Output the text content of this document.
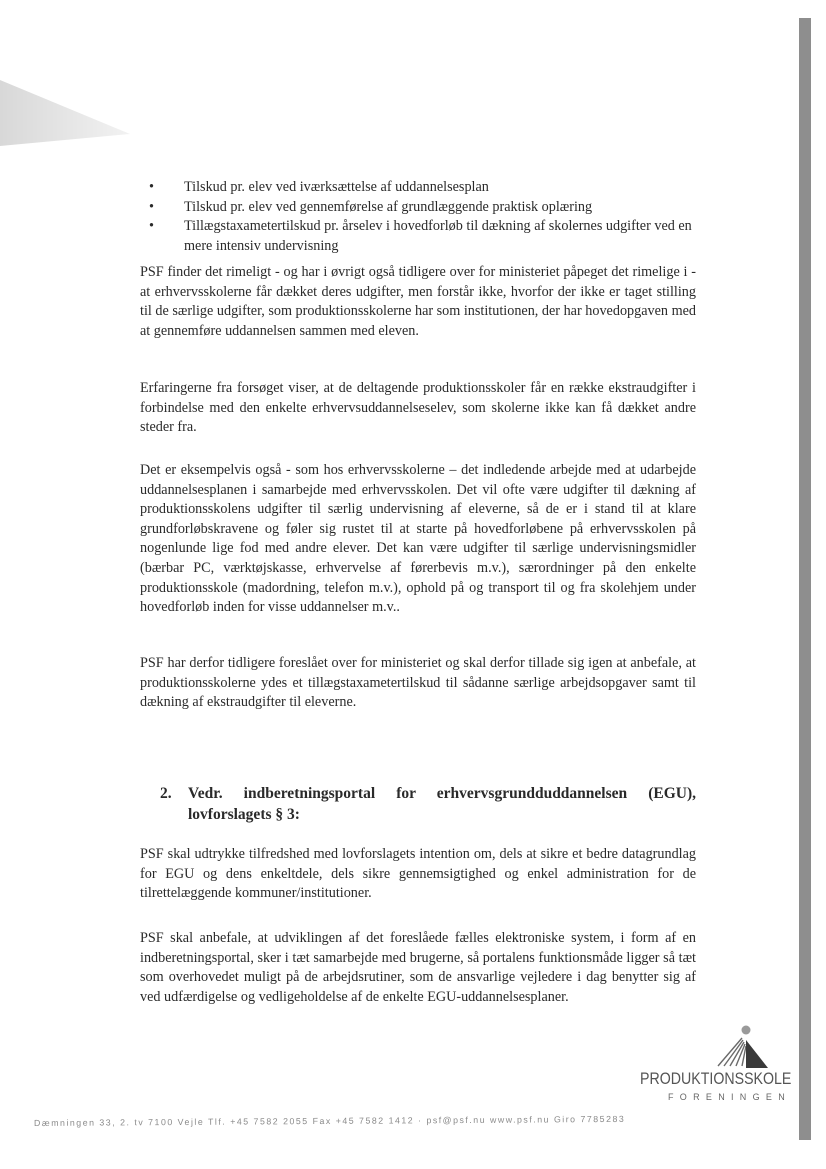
• Tilskud pr. elev ved iværksættelse af uddannelsesplan
• Tilskud pr. elev ved gennemførelse af grundlæggende praktisk oplæring
• Tillægstaxametertilskud pr. årselev i hovedforløb til dækning af skolernes udgifter ved en mere intensiv undervisning

PSF finder det rimeligt - og har i øvrigt også tidligere over for ministeriet påpeget det rimelige i - at erhvervsskolerne får dækket deres udgifter, men forstår ikke, hvorfor der ikke er taget stilling til de særlige udgifter, som produktionsskolerne har som institutionen, der har hovedopgaven med at gennemføre uddannelsen sammen med eleven.

Erfaringerne fra forsøget viser, at de deltagende produktionsskoler får en række ekstraudgifter i forbindelse med den enkelte erhvervsuddannelseselev, som skolerne ikke kan få dækket andre steder fra.

Det er eksempelvis også - som hos erhvervsskolerne – det indledende arbejde med at udarbejde uddannelsesplanen i samarbejde med erhvervsskolen. Det vil ofte være udgifter til dækning af produktionsskolens udgifter til særlig undervisning af eleverne, så de er i stand til at klare grundforløbskravene og føler sig rustet til at starte på hovedforløbene på erhvervsskolen på nogenlunde lige fod med andre elever. Det kan være udgifter til særlige undervisningsmidler (bærbar PC, værktøjskasse, erhvervelse af førerbevis m.v.), særordninger på den enkelte produktionsskole (madordning, telefon m.v.), ophold på og transport til og fra skolehjem under hovedforløb inden for visse uddannelser m.v..

PSF har derfor tidligere foreslået over for ministeriet og skal derfor tillade sig igen at anbefale, at produktionsskolerne ydes et tillægstaxametertilskud til sådanne særlige arbejdsopgaver samt til dækning af ekstraudgifter til eleverne.

2.	Vedr. indberetningsportal for erhvervsgrundduddannelsen (EGU), lovforslagets § 3:

PSF skal udtrykke tilfredshed med lovforslagets intention om, dels at sikre et bedre datagrundlag for EGU og dens enkeltdele, dels sikre gennemsigtighed og enkel administration for de tilrettelæggende kommuner/institutioner.

PSF skal anbefale, at udviklingen af det foreslåede fælles elektroniske system, i form af en indberetningsportal, sker i tæt samarbejde med brugerne, så portalens funktionsmåde ligger så tæt som overhovedet muligt på de arbejdsrutiner, som de ansvarlige vejledere i dag benytter sig af ved udfærdigelse og vedligeholdelse af de enkelte EGU-uddannelsesplaner.

PRODUKTIONSSKOLE
FORENINGEN
Dæmningen 33, 2. tv 7100 Vejle Tlf. +45 7582 2055 Fax +45 7582 1412 · psf@psf.nu www.psf.nu Giro 7785283
